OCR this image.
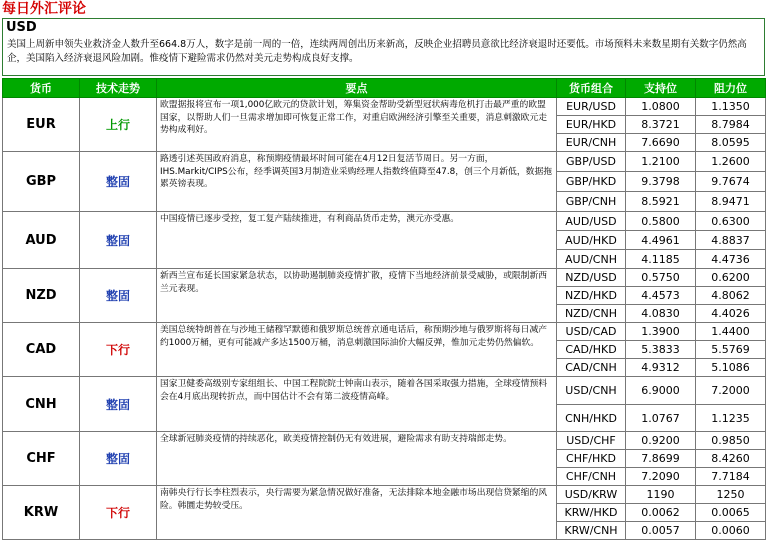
每日外汇评论
USD
美国上周新申领失业救济金人数升至664.8万人，数字是前一周的一倍，连续两周创出历来新高，反映企业招聘员意欲比经济衰退时还要低。市场预料未来数星期有关数字仍然高企，美国陷入经济衰退风险加剧。惟疫情下避险需求仍然对美元走势构成良好支撑。
货币	技术走势	要点	货币组合	支持位	阻力位
EUR	上行	欧盟据报将宣布一项1,000亿欧元的贷款计划，筹集资金帮助受新型冠状病毒危机打击最严重的欧盟国家，以帮助人们一旦需求增加即可恢复正常工作，对重启欧洲经济引擎至关重要，消息刺激欧元走势构成利好。	EUR/USD	1.0800	1.1350
			EUR/HKD	8.3721	8.7984
			EUR/CNH	7.6690	8.0595
GBP	整固	路透引述英国政府消息，称预期疫情最坏时间可能在4月12日复活节周日。另一方面，IHS.Markit/CIPS公布，经季调英国3月制造业采购经理人指数终值降至47.8，创三个月新低，数据拖累英镑表现。	GBP/USD	1.2100	1.2600
			GBP/HKD	9.3798	9.7674
			GBP/CNH	8.5921	8.9471
AUD	整固	中国疫情已逐步受控，复工复产陆续推进，有利商品货币走势，澳元亦受惠。	AUD/USD	0.5800	0.6300
			AUD/HKD	4.4961	4.8837
			AUD/CNH	4.1185	4.4736
NZD	整固	新西兰宣布延长国家紧急状态，以协助遏制肺炎疫情扩散，疫情下当地经济前景受威胁，或限制新西兰元表现。	NZD/USD	0.5750	0.6200
			NZD/HKD	4.4573	4.8062
			NZD/CNH	4.0830	4.4026
CAD	下行	美国总统特朗普在与沙地王储穆罕默德和俄罗斯总统普京通电话后，称预期沙地与俄罗斯将每日减产约1000万桶，更有可能减产多达1500万桶，消息刺激国际油价大幅反弹，惟加元走势仍然偏软。	USD/CAD	1.3900	1.4400
			CAD/HKD	5.3833	5.5769
			CAD/CNH	4.9312	5.1086
CNH	整固	国家卫健委高级别专家组组长、中国工程院院士钟南山表示，随着各国采取强力措施，全球疫情预料会在4月底出现转折点，而中国估计不会有第二波疫情高峰。	USD/CNH	6.9000	7.2000
			CNH/HKD	1.0767	1.1235
CHF	整固	全球新冠肺炎疫情的持续恶化，欧美疫情控制仍无有效进展，避险需求有助支持瑞郎走势。	USD/CHF	0.9200	0.9850
			CHF/HKD	7.8699	8.4260
			CHF/CNH	7.2090	7.7184
KRW	下行	南韩央行行长李柱烈表示，央行需要为紧急情况做好准备，无法排除本地金融市场出现信贷紧缩的风险。韩圜走势较受压。	USD/KRW	1190	1250
			KRW/HKD	0.0062	0.0065
			KRW/CNH	0.0057	0.0060
